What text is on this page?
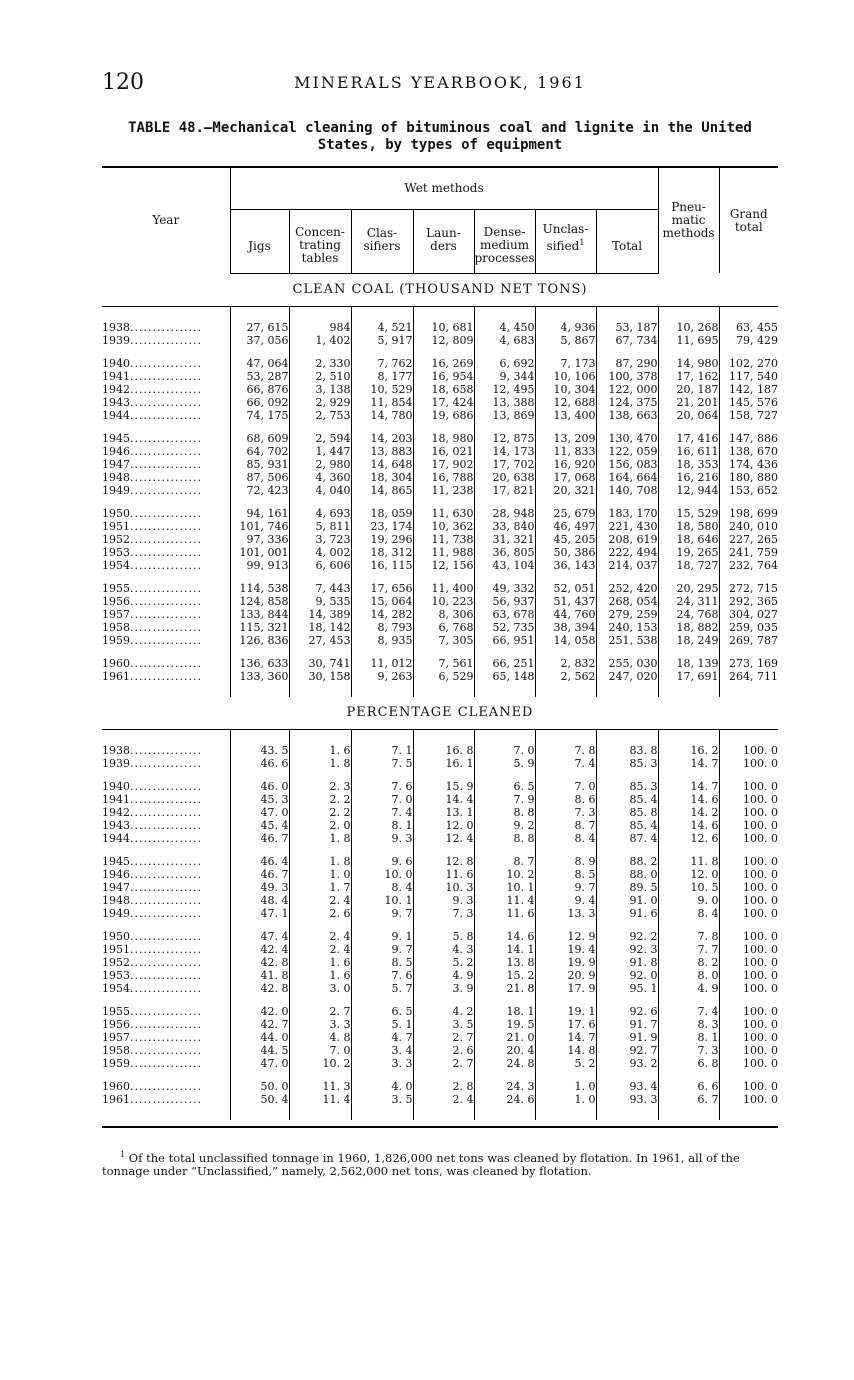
120	MINERALS YEARBOOK, 1961
TABLE 48.—Mechanical cleaning of bituminous coal and lignite in the United
States, by types of equipment
Year	Wet methods							Pneu-
matic
methods	Grand
total
	Jigs	Concen-
trating
tables	Clas-
sifiers	Laun-
ders	Dense-
medium
processes	Unclas-
sified$^1$	Total		
CLEAN COAL (THOUSAND NET TONS)									

1938................	27, 615	984	4, 521	10, 681	4, 450	4, 936	53, 187	10, 268	63, 455
1939................	37, 056	1, 402	5, 917	12, 809	4, 683	5, 867	67, 734	11, 695	79, 429

1940................	47, 064	2, 330	7, 762	16, 269	6, 692	7, 173	87, 290	14, 980	102, 270
1941................	53, 287	2, 510	8, 177	16, 954	9, 344	10, 106	100, 378	17, 162	117, 540
1942................	66, 876	3, 138	10, 529	18, 658	12, 495	10, 304	122, 000	20, 187	142, 187
1943................	66, 092	2, 929	11, 854	17, 424	13, 388	12, 688	124, 375	21, 201	145, 576
1944................	74, 175	2, 753	14, 780	19, 686	13, 869	13, 400	138, 663	20, 064	158, 727

1945................	68, 609	2, 594	14, 203	18, 980	12, 875	13, 209	130, 470	17, 416	147, 886
1946................	64, 702	1, 447	13, 883	16, 021	14, 173	11, 833	122, 059	16, 611	138, 670
1947................	85, 931	2, 980	14, 648	17, 902	17, 702	16, 920	156, 083	18, 353	174, 436
1948................	87, 506	4, 360	18, 304	16, 788	20, 638	17, 068	164, 664	16, 216	180, 880
1949................	72, 423	4, 040	14, 865	11, 238	17, 821	20, 321	140, 708	12, 944	153, 652

1950................	94, 161	4, 693	18, 059	11, 630	28, 948	25, 679	183, 170	15, 529	198, 699
1951................	101, 746	5, 811	23, 174	10, 362	33, 840	46, 497	221, 430	18, 580	240, 010
1952................	97, 336	3, 723	19, 296	11, 738	31, 321	45, 205	208, 619	18, 646	227, 265
1953................	101, 001	4, 002	18, 312	11, 988	36, 805	50, 386	222, 494	19, 265	241, 759
1954................	99, 913	6, 606	16, 115	12, 156	43, 104	36, 143	214, 037	18, 727	232, 764

1955................	114, 538	7, 443	17, 656	11, 400	49, 332	52, 051	252, 420	20, 295	272, 715
1956................	124, 858	9, 535	15, 064	10, 223	56, 937	51, 437	268, 054	24, 311	292, 365
1957................	133, 844	14, 389	14, 282	8, 306	63, 678	44, 760	279, 259	24, 768	304, 027
1958................	115, 321	18, 142	8, 793	6, 768	52, 735	38, 394	240, 153	18, 882	259, 035
1959................	126, 836	27, 453	8, 935	7, 305	66, 951	14, 058	251, 538	18, 249	269, 787

1960................	136, 633	30, 741	11, 012	7, 561	66, 251	2, 832	255, 030	18, 139	273, 169
1961................	133, 360	30, 158	9, 263	6, 529	65, 148	2, 562	247, 020	17, 691	264, 711

PERCENTAGE CLEANED									

1938................	43. 5	1. 6	7. 1	16. 8	7. 0	7. 8	83. 8	16. 2	100. 0
1939................	46. 6	1. 8	7. 5	16. 1	5. 9	7. 4	85. 3	14. 7	100. 0

1940................	46. 0	2. 3	7. 6	15. 9	6. 5	7. 0	85. 3	14. 7	100. 0
1941................	45. 3	2. 2	7. 0	14. 4	7. 9	8. 6	85. 4	14. 6	100. 0
1942................	47. 0	2. 2	7. 4	13. 1	8. 8	7. 3	85. 8	14. 2	100. 0
1943................	45. 4	2. 0	8. 1	12. 0	9. 2	8. 7	85. 4	14. 6	100. 0
1944................	46. 7	1. 8	9. 3	12. 4	8. 8	8. 4	87. 4	12. 6	100. 0

1945................	46. 4	1. 8	9. 6	12. 8	8. 7	8. 9	88. 2	11. 8	100. 0
1946................	46. 7	1. 0	10. 0	11. 6	10. 2	8. 5	88. 0	12. 0	100. 0
1947................	49. 3	1. 7	8. 4	10. 3	10. 1	9. 7	89. 5	10. 5	100. 0
1948................	48. 4	2. 4	10. 1	9. 3	11. 4	9. 4	91. 0	9. 0	100. 0
1949................	47. 1	2. 6	9. 7	7. 3	11. 6	13. 3	91. 6	8. 4	100. 0

1950................	47. 4	2. 4	9. 1	5. 8	14. 6	12. 9	92. 2	7. 8	100. 0
1951................	42. 4	2. 4	9. 7	4. 3	14. 1	19. 4	92. 3	7. 7	100. 0
1952................	42. 8	1. 6	8. 5	5. 2	13. 8	19. 9	91. 8	8. 2	100. 0
1953................	41. 8	1. 6	7. 6	4. 9	15. 2	20. 9	92. 0	8. 0	100. 0
1954................	42. 8	3. 0	5. 7	3. 9	21. 8	17. 9	95. 1	4. 9	100. 0

1955................	42. 0	2. 7	6. 5	4. 2	18. 1	19. 1	92. 6	7. 4	100. 0
1956................	42. 7	3. 3	5. 1	3. 5	19. 5	17. 6	91. 7	8. 3	100. 0
1957................	44. 0	4. 8	4. 7	2. 7	21. 0	14. 7	91. 9	8. 1	100. 0
1958................	44. 5	7. 0	3. 4	2. 6	20. 4	14. 8	92. 7	7. 3	100. 0
1959................	47. 0	10. 2	3. 3	2. 7	24. 8	5. 2	93. 2	6. 8	100. 0

1960................	50. 0	11. 3	4. 0	2. 8	24. 3	1. 0	93. 4	6. 6	100. 0
1961................	50. 4	11. 4	3. 5	2. 4	24. 6	1. 0	93. 3	6. 7	100. 0

$^1$ Of the total unclassified tonnage in 1960, 1,826,000 net tons was cleaned by flotation. In 1961, all of the
tonnage under “Unclassified,” namely, 2,562,000 net tons, was cleaned by flotation.
